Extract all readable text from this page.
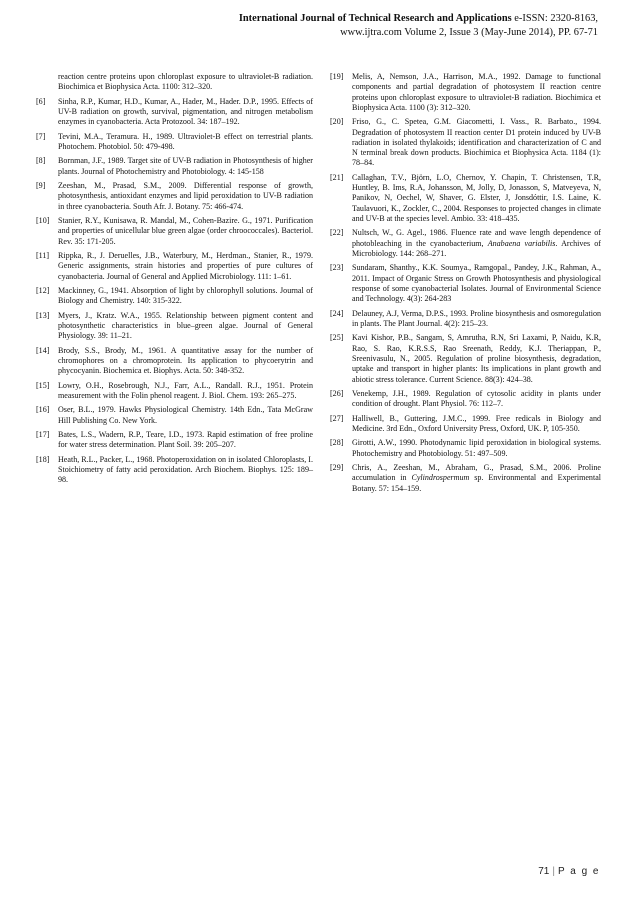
International Journal of Technical Research and Applications e-ISSN: 2320-8163,
www.ijtra.com Volume 2, Issue 3 (May-June 2014), PP. 67-71
reaction centre proteins upon chloroplast exposure to ultraviolet-B radiation. Biochimica et Biophysica Acta. 1100: 312–320.
[6]	Sinha, R.P., Kumar, H.D., Kumar, A., Hader, M., Hader. D.P., 1995. Effects of UV-B radiation on growth, survival, pigmentation, and nitrogen metabolism enzymes in cyanobacteria. Acta Protozool. 34: 187–192.
[7]	Tevini, M.A., Teramura. H., 1989. Ultraviolet-B effect on terrestrial plants. Photochem. Photobiol. 50: 479-498.
[8]	Bornman, J.F., 1989. Target site of UV-B radiation in Photosynthesis of higher plants. Journal of Photochemistry and Photobiology. 4: 145-158
[9]	Zeeshan, M., Prasad, S.M., 2009. Differential response of growth, photosynthesis, antioxidant enzymes and lipid peroxidation to UV-B radiation in three cyanobacteria. South Afr. J. Botany. 75: 466-474.
[10]	Stanier, R.Y., Kunisawa, R. Mandal, M., Cohen-Bazire. G., 1971. Purification and properties of unicellular blue green algae (order chroococcales). Bacteriol. Rev. 35: 171-205.
[11]	Rippka, R., J. Deruelles, J.B., Waterbury, M., Herdman., Stanier, R., 1979. Generic assignments, strain histories and properties of pure cultures of cyanobacteria. Journal of General and Applied Microbiology. 111: 1–61.
[12]	Mackinney, G., 1941. Absorption of light by chlorophyll solutions. Journal of Biology and Chemistry. 140: 315-322.
[13]	Myers, J., Kratz. W.A., 1955. Relationship between pigment content and photosynthetic characteristics in blue–green algae. Journal of General Physiology. 39: 11–21.
[14]	Brody, S.S., Brody, M., 1961. A quantitative assay for the number of chromophores on a chromoprotein. Its application to phycoerytrin and phycocyanin. Biochemica et. Biophys. Acta. 50: 348-352.
[15]	Lowry, O.H., Rosebrough, N.J., Farr, A.L., Randall. R.J., 1951. Protein measurement with the Folin phenol reagent. J. Biol. Chem. 193: 265–275.
[16]	Oser, B.L., 1979. Hawks Physiological Chemistry. 14th Edn., Tata McGraw Hill Publishing Co. New York.
[17]	Bates, L.S., Wadern, R.P., Teare, I.D., 1973. Rapid estimation of free proline for water stress determination. Plant Soil. 39: 205–207.
[18]	Heath, R.L., Packer, L., 1968. Photoperoxidation on in isolated Chloroplasts, I. Stoichiometry of fatty acid peroxidation. Arch Biochem. Biophys. 125: 189–98.
[19]	Melis, A, Nemson, J.A., Harrison, M.A., 1992. Damage to functional components and partial degradation of photosystem II reaction centre proteins upon chloroplast exposure to ultraviolet-B radiation. Biochimica et Biophysica Acta. 1100 (3): 312–320.
[20]	Friso, G., C. Spetea, G.M. Giacometti, I. Vass., R. Barbato., 1994. Degradation of photosystem II reaction center D1 protein induced by UV-B radiation in isolated thylakoids; identification and characterization of C and N terminal break down products. Biochimica et Biophysica Acta. 1184 (1): 78–84.
[21]	Callaghan, T.V., Björn, L.O, Chernov, Y. Chapin, T. Christensen, T.R, Huntley, B. Ims, R.A, Johansson, M, Jolly, D, Jonasson, S, Matveyeva, N, Panikov, N, Oechel, W, Shaver, G. Elster, J, Jonsdóttir, I.S. Laine, K. Taulavuori, K., Zockler, C., 2004. Responses to projected changes in climate and UV-B at the species level. Ambio. 33: 418–435.
[22]	Nultsch, W., G. Agel., 1986. Fluence rate and wave length dependence of photobleaching in the cyanobacterium, Anabaena variabilis. Archives of Microbiology. 144: 268–271.
[23]	Sundaram, Shanthy., K.K. Soumya., Ramgopal., Pandey, J.K., Rahman, A., 2011. Impact of Organic Stress on Growth Photosynthesis and physiological response of some cyanobacterial Isolates. Journal of Environmental Science and Technology. 4(3): 264-283
[24]	Delauney, A.J, Verma, D.P.S., 1993. Proline biosynthesis and osmoregulation in plants. The Plant Journal. 4(2): 215–23.
[25]	Kavi Kishor, P.B., Sangam, S, Amrutha, R.N, Sri Laxami, P, Naidu, K.R, Rao, S. Rao, K.R.S.S, Rao Sreenath, Reddy, K.J. Theriappan, P., Sreenivasulu, N., 2005. Regulation of proline biosynthesis, degradation, uptake and transport in higher plants: Its implications in plant growth and abiotic stress tolerance. Current Science. 88(3): 424–38.
[26]	Venekemp, J.H., 1989. Regulation of cytosolic acidity in plants under condition of drought. Plant Physiol. 76: 112–7.
[27]	Halliwell, B., Guttering, J.M.C., 1999. Free redicals in Biology and Medicine. 3rd Edn., Oxford University Press, Oxford, UK. P, 105-350.
[28]	Girotti, A.W., 1990. Photodynamic lipid peroxidation in biological systems. Photochemistry and Photobiology. 51: 497–509.
[29]	Chris, A., Zeeshan, M., Abraham, G., Prasad, S.M., 2006. Proline accumulation in Cylindrospermum sp. Environmental and Experimental Botany. 57: 154–159.
71 | P a g e
